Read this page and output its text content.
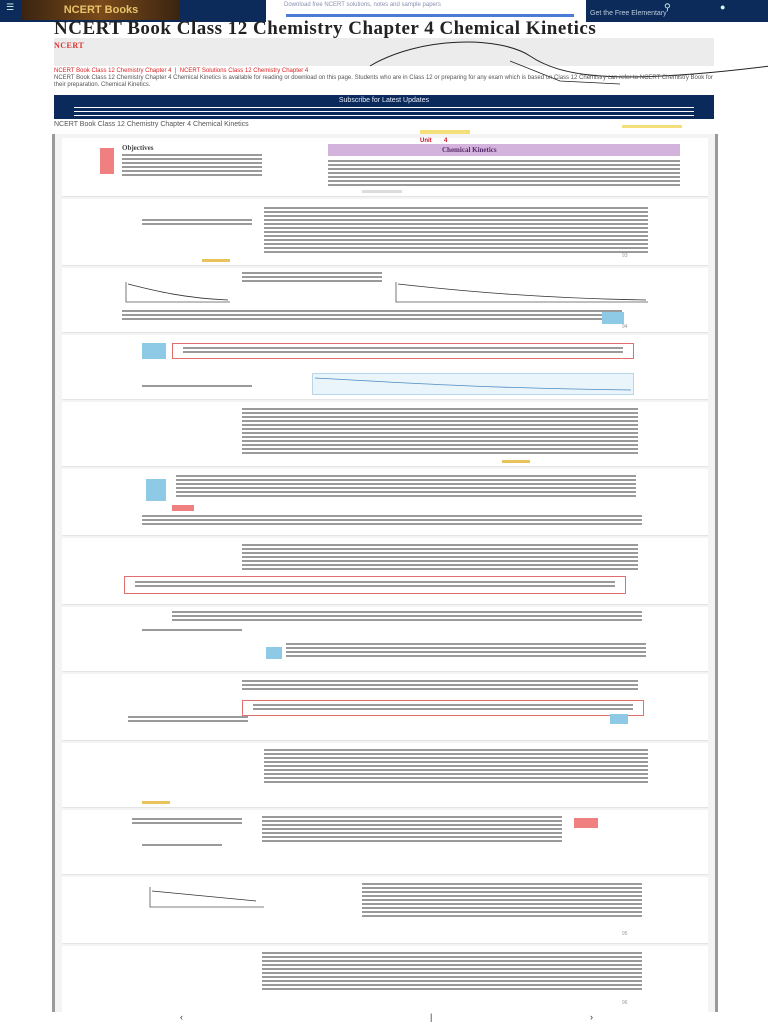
NCERT Books
☰	Download free NCERT solutions, notes and sample papers
Get the Free Elementary
⚲	●
NCERT Book Class 12 Chemistry Chapter 4 Chemical Kinetics
NCERT
NCERT Book Class 12 Chemistry Chapter 4  |  NCERT Solutions Class 12 Chemistry Chapter 4
NCERT Book Class 12 Chemistry Chapter 4 Chemical Kinetics is available for reading or download on this page. Students who are in Class 12 or preparing for any exam which is based on Class 12 Chemistry can refer to NCERT Chemistry Book for their preparation. Chemical Kinetics.
Subscribe for Latest Updates
NCERT Book Class 12 Chemistry Chapter 4 Chemical Kinetics
Objectives
Unit 4
Chemical Kinetics
93
94
95
96
‹	|	›
